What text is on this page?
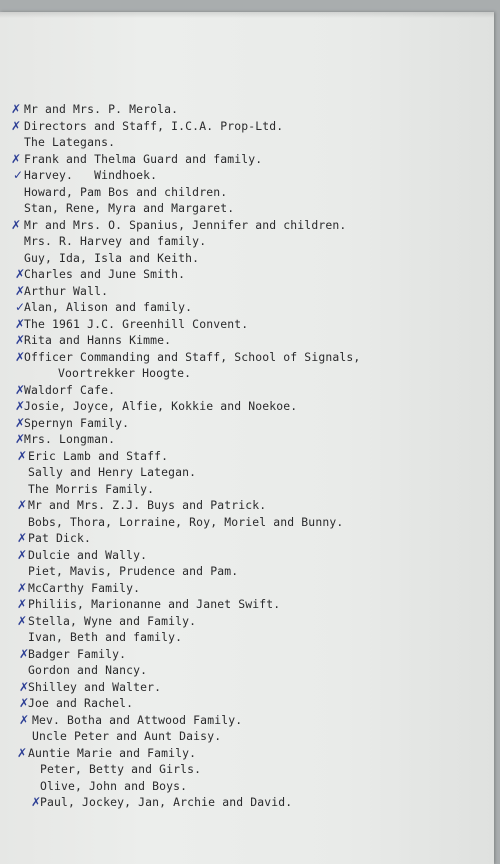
✗ Mr and Mrs. P. Merola.
✗ Directors and Staff, I.C.A. Prop-Ltd.
The Lategans.
✗ Frank and Thelma Guard and family.
✓ Harvey.   Windhoek.
Howard, Pam Bos and children.
Stan, Rene, Myra and Margaret.
✗ Mr and Mrs. O. Spanius, Jennifer and children.
Mrs. R. Harvey and family.
Guy, Ida, Isla and Keith.
✗
Charles and June Smith.
✗
Arthur Wall.
✓
Alan, Alison and family.
✗
The 1961 J.C. Greenhill Convent.
✗
Rita and Hanns Kimme.
✗
Officer Commanding and Staff, School of Signals,
Voortrekker Hoogte.
✗
Waldorf Cafe.
✗
Josie, Joyce, Alfie, Kokkie and Noekoe.
✗
Spernyn Family.
✗
Mrs. Longman.
✗ Eric Lamb and Staff.
Sally and Henry Lategan.
The Morris Family.
✗ Mr and Mrs. Z.J. Buys and Patrick.
Bobs, Thora, Lorraine, Roy, Moriel and Bunny.
✗ Pat Dick.
✗ Dulcie and Wally.
Piet, Mavis, Prudence and Pam.
✗ McCarthy Family.
✗ Philiis, Marionanne and Janet Swift.
✗ Stella, Wyne and Family.
Ivan, Beth and family.
✗
Badger Family.
Gordon and Nancy.
✗
Shilley and Walter.
✗
Joe and Rachel.
✗ Mev. Botha and Attwood Family.
Uncle Peter and Aunt Daisy.
✗ Auntie Marie and Family.
Peter, Betty and Girls.
Olive, John and Boys.
✗
Paul, Jockey, Jan, Archie and David.
